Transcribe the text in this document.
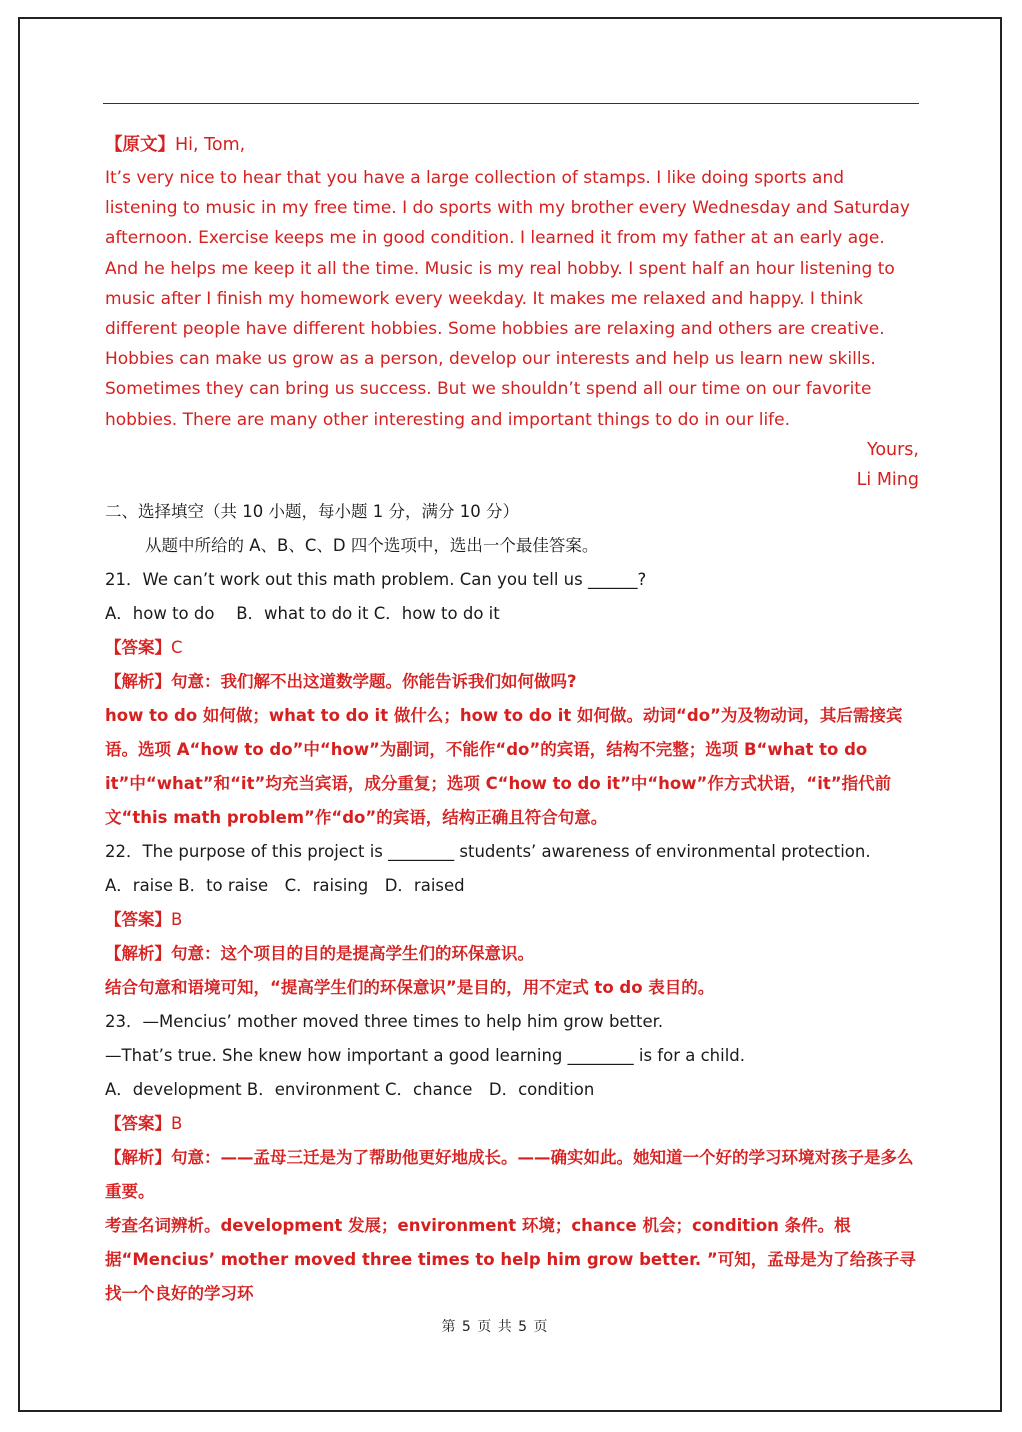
【原文】Hi, Tom,

It’s very nice to hear that you have a large collection of stamps. I like doing sports and listening to music in my free time. I do sports with my brother every Wednesday and Saturday afternoon. Exercise keeps me in good condition. I learned it from my father at an early age. And he helps me keep it all the time. Music is my real hobby. I spent half an hour listening to music after I finish my homework every weekday. It makes me relaxed and happy. I think different people have different hobbies. Some hobbies are relaxing and others are creative. Hobbies can make us grow as a person, develop our interests and help us learn new skills. Sometimes they can bring us success. But we shouldn’t spend all our time on our favorite hobbies. There are many other interesting and important things to do in our life.

Yours,

Li Ming

二、选择填空（共 10 小题，每小题 1 分，满分 10 分）
从题中所给的 A、B、C、D 四个选项中，选出一个最佳答案。
21．We can’t work out this math problem. Can you tell us ______?
A．how to do　 B．what to do it C．how to do it
【答案】C
【解析】句意：我们解不出这道数学题。你能告诉我们如何做吗?
how to do 如何做；what to do it 做什么；how to do it 如何做。动词“do”为及物动词，其后需接宾语。选项 A“how to do”中“how”为副词，不能作“do”的宾语，结构不完整；选项 B“what to do it”中“what”和“it”均充当宾语，成分重复；选项 C“how to do it”中“how”作方式状语，“it”指代前文“this math problem”作“do”的宾语，结构正确且符合句意。
22．The purpose of this project is ________ students’ awareness of environmental protection.
A．raise B．to raise　C．raising　D．raised
【答案】B
【解析】句意：这个项目的目的是提高学生们的环保意识。
结合句意和语境可知，“提高学生们的环保意识”是目的，用不定式 to do 表目的。
23．—Mencius’ mother moved three times to help him grow better.
—That’s true. She knew how important a good learning ________ is for a child.
A．development B．environment C．chance　D．condition
【答案】B
【解析】句意：——孟母三迁是为了帮助他更好地成长。——确实如此。她知道一个好的学习环境对孩子是多么重要。
考查名词辨析。development 发展；environment 环境；chance 机会；condition 条件。根据“Mencius’ mother moved three times to help him grow better. ”可知，孟母是为了给孩子寻找一个良好的学习环
第 5 页 共 5 页
